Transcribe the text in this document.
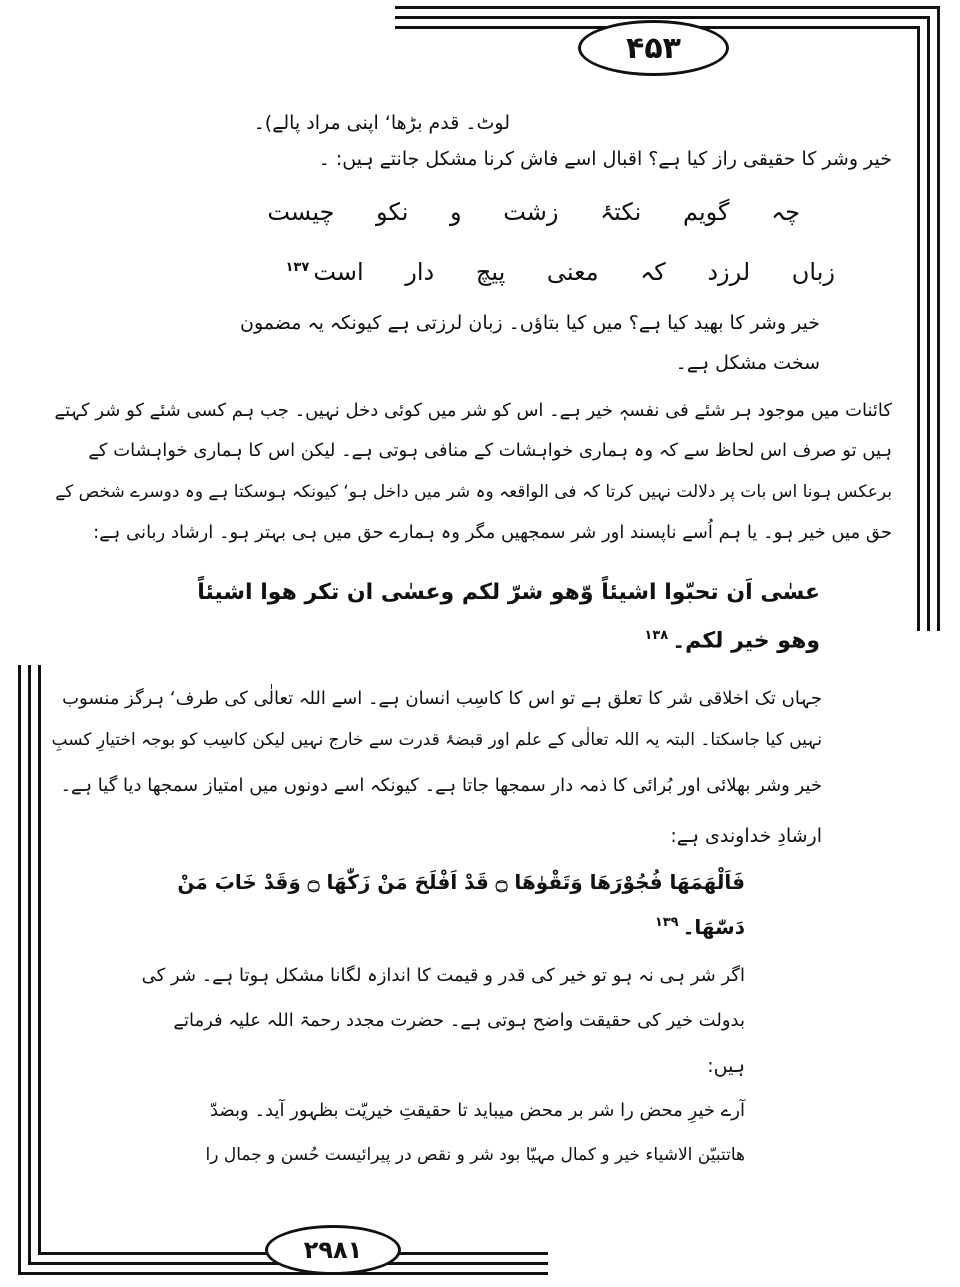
۴۵۳
۲۹۸۱
لوٹ۔ قدم بڑھا‘ اپنی مراد پالے)۔
خیر وشر کا حقیقی راز کیا ہے؟ اقبال اسے فاش کرنا مشکل جانتے ہیں: ۔
چہ گویم نکتۂ زشت و نکو چیست
زباں لرزد کہ معنی پیچ دار است$^{۱۳۷}$
خیر وشر کا بھید کیا ہے؟ میں کیا بتاؤں۔ زبان لرزتی ہے کیونکہ یہ مضمون
سخت مشکل ہے۔
کائنات میں موجود ہر شئے فی نفسہٖ خیر ہے۔ اس کو شر میں کوئی دخل نہیں۔ جب ہم کسی شئے کو شر کہتے
ہیں تو صرف اس لحاظ سے کہ وہ ہماری خواہشات کے منافی ہوتی ہے۔ لیکن اس کا ہماری خواہشات کے
برعکس ہونا اس بات پر دلالت نہیں کرتا کہ فی الواقعہ وہ شر میں داخل ہو‘ کیونکہ ہوسکتا ہے وہ دوسرے شخص کے
حق میں خیر ہو۔ یا ہم اُسے ناپسند اور شر سمجھیں مگر وہ ہمارے حق میں ہی بہتر ہو۔ ارشاد ربانی ہے:
عسٰی اَن تحبّوا اشیئاً وّھو شرّ لکم وعسٰی ان تکر ھوا اشیئاً
وھو خیر لکم۔$^{۱۳۸}$
جہاں تک اخلاقی شر کا تعلق ہے تو اس کا کاسِب انسان ہے۔ اسے اللہ تعالٰی کی طرف‘ ہرگز منسوب
نہیں کیا جاسکتا۔ البتہ یہ اللہ تعالٰی کے علم اور قبضۂ قدرت سے خارج نہیں لیکن کاسِب کو بوجہ اختیارِ کسبِ
خیر وشر بھلائی اور بُرائی کا ذمہ دار سمجھا جاتا ہے۔ کیونکہ اسے دونوں میں امتیاز سمجھا دیا گیا ہے۔
ارشادِ خداوندی ہے:
فَاَلْھَمَھَا فُجُوْرَھَا وَتَقْوٰھَا ۝ قَدْ اَفْلَحَ مَنْ زَکّٰھَا ۝ وَقَدْ خَابَ مَنْ
دَسّٰھَا۔$^{۱۳۹}$
اگر شر ہی نہ ہو تو خیر کی قدر و قیمت کا اندازہ لگانا مشکل ہوتا ہے۔ شر کی
بدولت خیر کی حقیقت واضح ہوتی ہے۔ حضرت مجدد رحمۃ اللہ علیہ فرماتے
ہیں:
آرے خیرِ محض را شر بر محض میباید تا حقیقتِ خیریّت بظہور آید۔ وبضدّ
ھاتتبیّن الاشیاء خیر و کمال مہیّا بود شر و نقص در پیرائیست حُسن و جمال را
